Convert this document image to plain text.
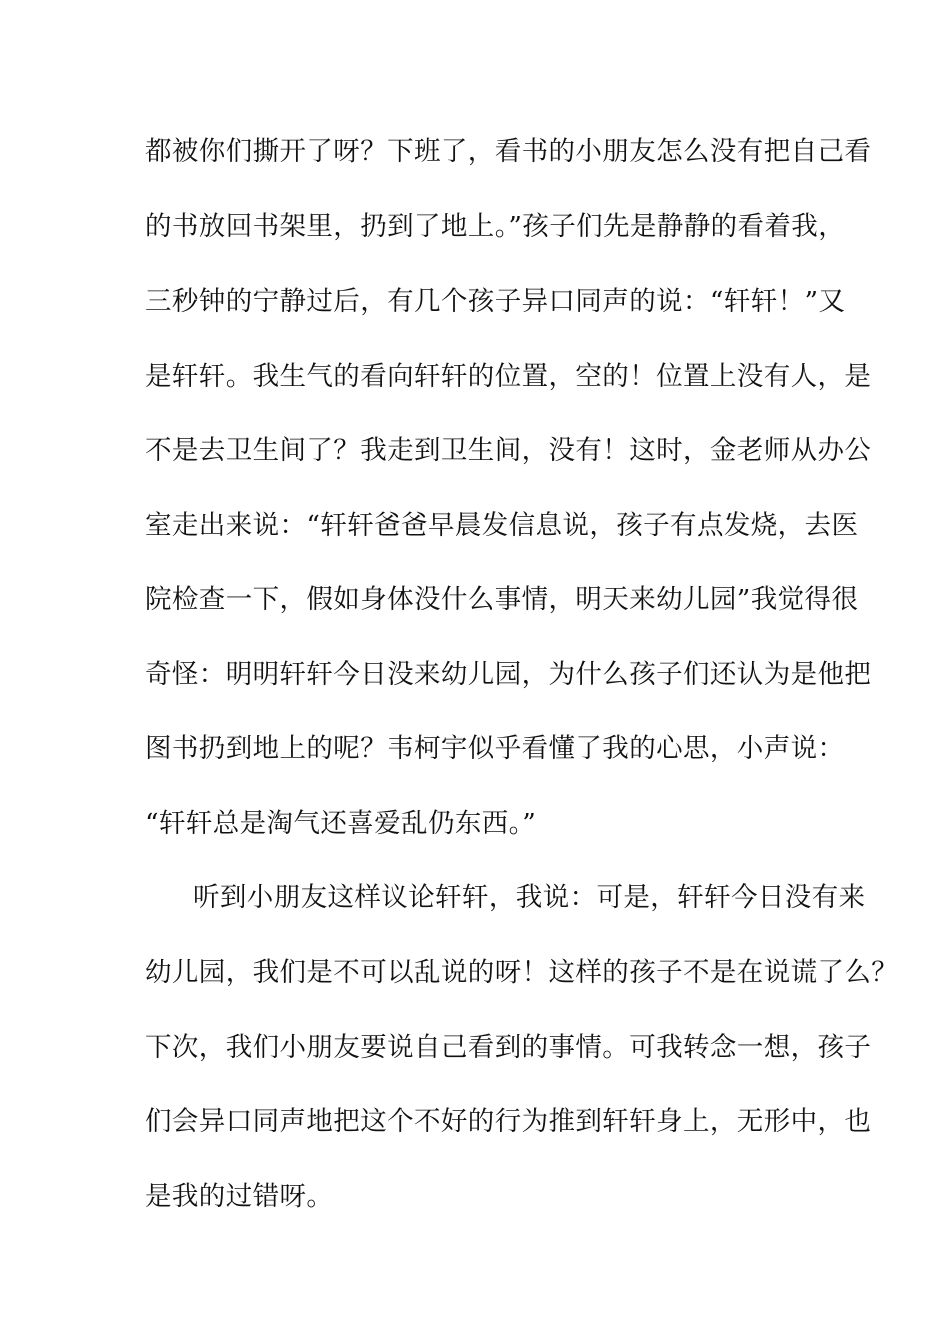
都被你们撕开了呀？下班了，看书的小朋友怎么没有把自己看
的书放回书架里，扔到了地上。”孩子们先是静静的看着我，
三秒钟的宁静过后，有几个孩子异口同声的说：“轩轩！”又
是轩轩。我生气的看向轩轩的位置，空的！位置上没有人，是
不是去卫生间了？我走到卫生间，没有！这时，金老师从办公
室走出来说：“轩轩爸爸早晨发信息说，孩子有点发烧，去医
院检查一下，假如身体没什么事情，明天来幼儿园”我觉得很
奇怪：明明轩轩今日没来幼儿园，为什么孩子们还认为是他把
图书扔到地上的呢？韦柯宇似乎看懂了我的心思，小声说：
“轩轩总是淘气还喜爱乱仍东西。”
听到小朋友这样议论轩轩，我说：可是，轩轩今日没有来
幼儿园，我们是不可以乱说的呀！这样的孩子不是在说谎了么？
下次，我们小朋友要说自己看到的事情。可我转念一想，孩子
们会异口同声地把这个不好的行为推到轩轩身上，无形中，也
是我的过错呀。
